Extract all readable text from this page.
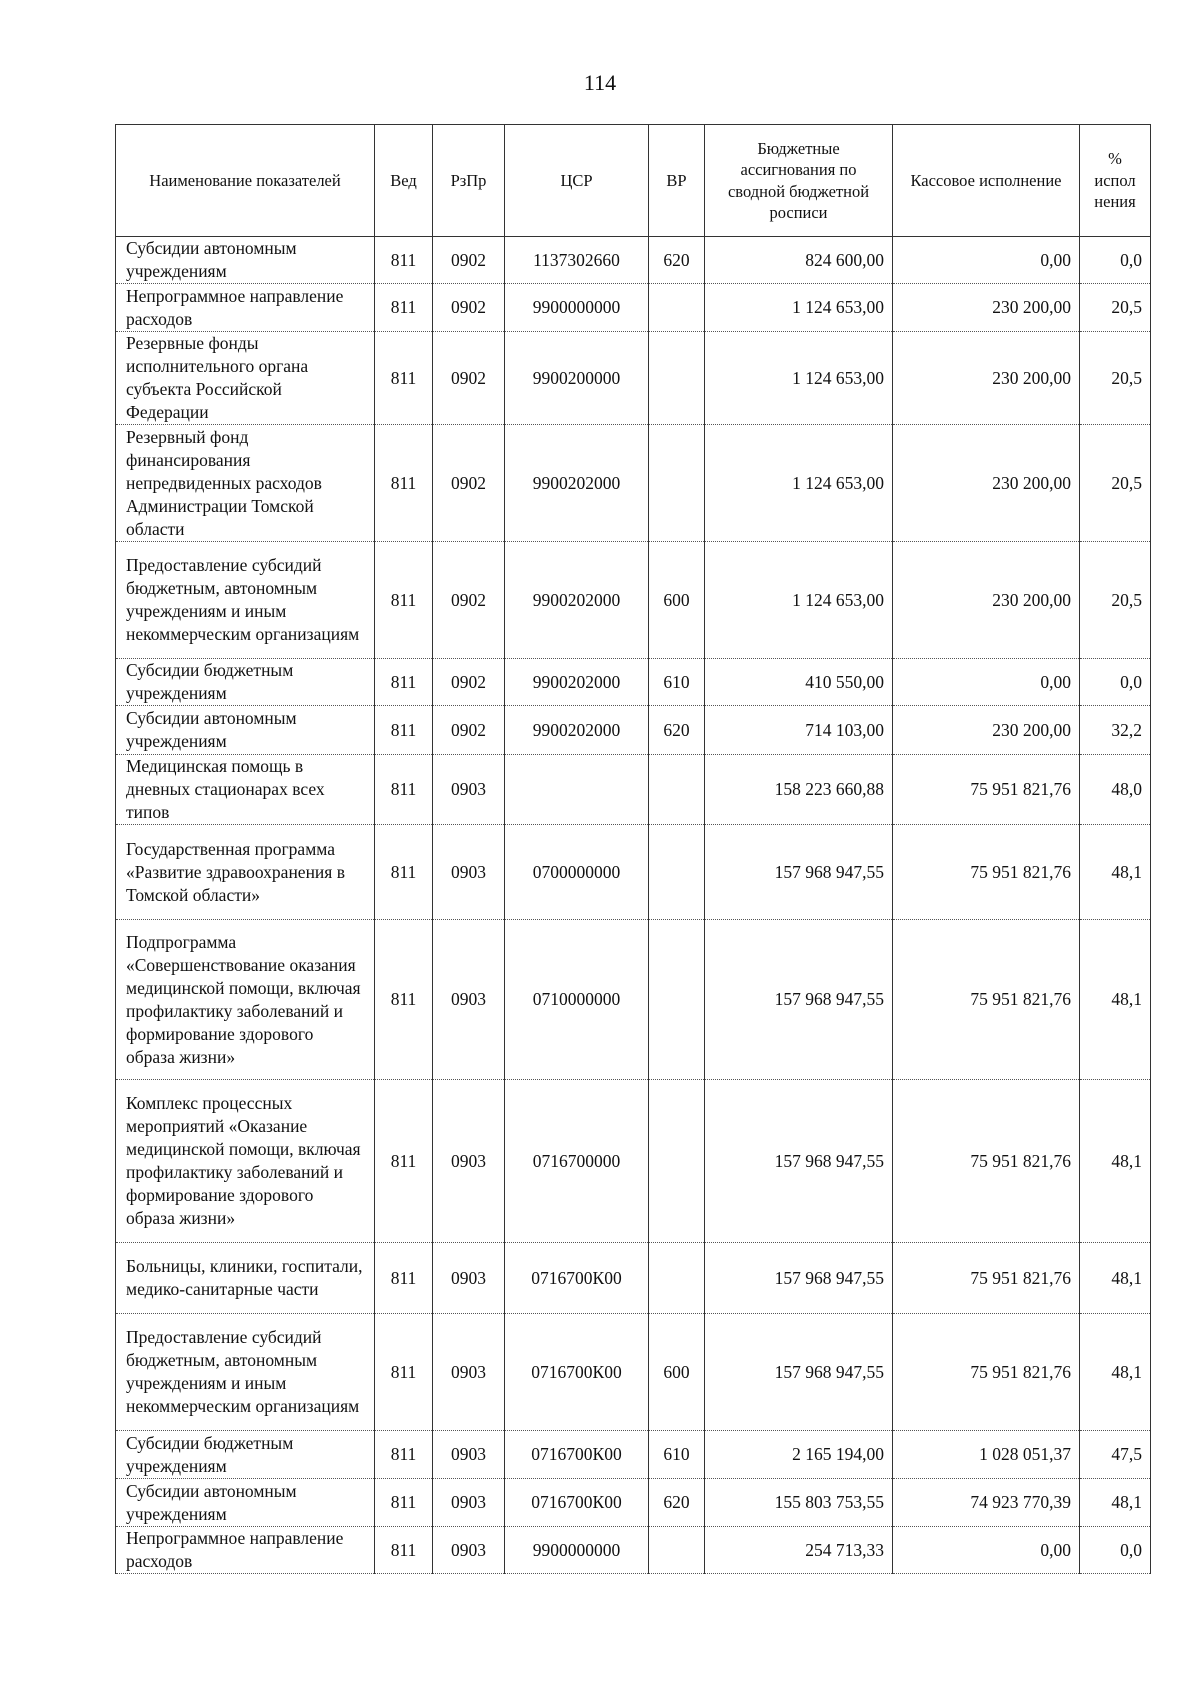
114
Наименование показателей	Вед	РзПр	ЦСР	ВР	Бюджетные ассигнования по сводной бюджетной росписи	Кассовое исполнение	% испол нения
Субсидии автономным учреждениям	811	0902	1137302660	620	824 600,00	0,00	0,0
Непрограммное направление расходов	811	0902	9900000000		1 124 653,00	230 200,00	20,5
Резервные фонды исполнительного органа субъекта Российской Федерации	811	0902	9900200000		1 124 653,00	230 200,00	20,5
Резервный фонд финансирования непредвиденных расходов Администрации Томской области	811	0902	9900202000		1 124 653,00	230 200,00	20,5
Предоставление субсидий бюджетным, автономным учреждениям и иным некоммерческим организациям	811	0902	9900202000	600	1 124 653,00	230 200,00	20,5
Субсидии бюджетным учреждениям	811	0902	9900202000	610	410 550,00	0,00	0,0
Субсидии автономным учреждениям	811	0902	9900202000	620	714 103,00	230 200,00	32,2
Медицинская помощь в дневных стационарах всех типов	811	0903			158 223 660,88	75 951 821,76	48,0
Государственная программа «Развитие здравоохранения в Томской области»	811	0903	0700000000		157 968 947,55	75 951 821,76	48,1
Подпрограмма «Совершенствование оказания медицинской помощи, включая профилактику заболеваний и формирование здорового образа жизни»	811	0903	0710000000		157 968 947,55	75 951 821,76	48,1
Комплекс процессных мероприятий «Оказание медицинской помощи, включая профилактику заболеваний и формирование здорового образа жизни»	811	0903	0716700000		157 968 947,55	75 951 821,76	48,1
Больницы, клиники, госпитали, медико-санитарные части	811	0903	0716700К00		157 968 947,55	75 951 821,76	48,1
Предоставление субсидий бюджетным, автономным учреждениям и иным некоммерческим организациям	811	0903	0716700К00	600	157 968 947,55	75 951 821,76	48,1
Субсидии бюджетным учреждениям	811	0903	0716700К00	610	2 165 194,00	1 028 051,37	47,5
Субсидии автономным учреждениям	811	0903	0716700К00	620	155 803 753,55	74 923 770,39	48,1
Непрограммное направление расходов	811	0903	9900000000		254 713,33	0,00	0,0
